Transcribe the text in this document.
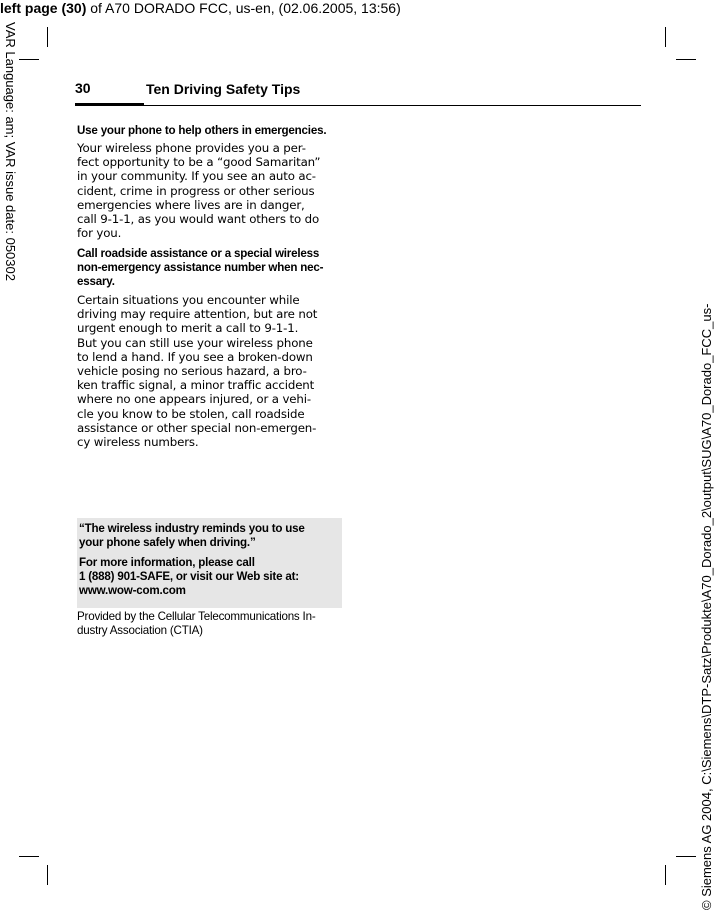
left page (30) of A70 DORADO FCC, us-en, (02.06.2005, 13:56)
VAR Language: am; VAR issue date: 050302
© Siemens AG 2004, C:\Siemens\DTP-Satz\Produkte\A70_Dorado_2\output\SUG\A70_Dorado_FCC_us-
30	Ten Driving Safety Tips

Use your phone to help others in emergencies.

Your wireless phone provides you a per-
fect opportunity to be a “good Samaritan”
in your community. If you see an auto ac-
cident, crime in progress or other serious
emergencies where lives are in danger,
call 9-1-1, as you would want others to do
for you.
Call roadside assistance or a special wireless
non-emergency assistance number when nec-
essary.
Certain situations you encounter while
driving may require attention, but are not
urgent enough to merit a call to 9-1-1.
But you can still use your wireless phone
to lend a hand. If you see a broken-down
vehicle posing no serious hazard, a bro-
ken traffic signal, a minor traffic accident
where no one appears injured, or a vehi-
cle you know to be stolen, call roadside
assistance or other special non-emergen-
cy wireless numbers.

“The wireless industry reminds you to use

your phone safely when driving.”

For more information, please call

1 (888) 901-SAFE, or visit our Web site at:

www.wow-com.com

Provided by the Cellular Telecommunications In-
dustry Association (CTIA)
